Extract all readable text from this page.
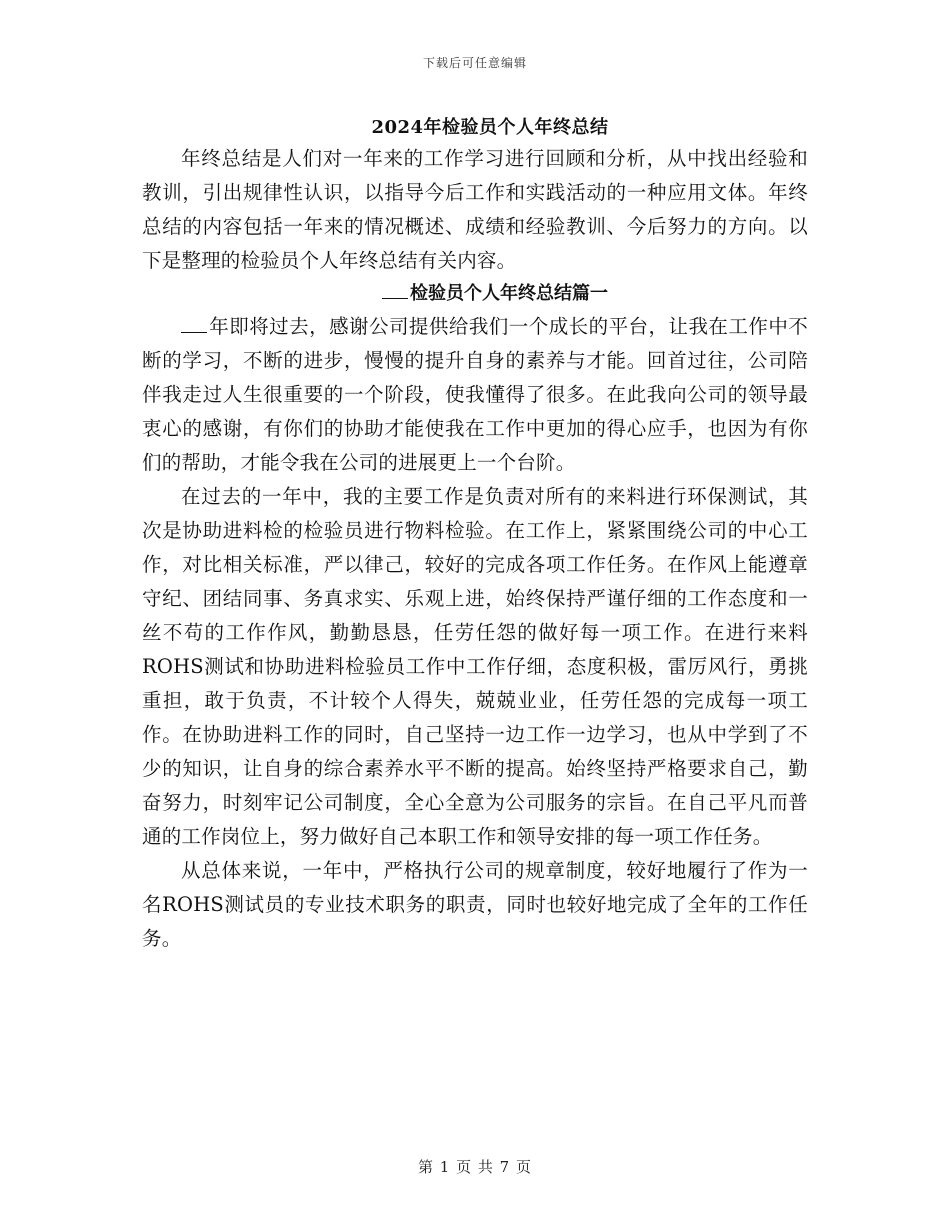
下载后可任意编辑
2024年检验员个人年终总结

年终总结是人们对一年来的工作学习进行回顾和分析，从中找出经验和教训，引出规律性认识，以指导今后工作和实践活动的一种应用文体。年终总结的内容包括一年来的情况概述、成绩和经验教训、今后努力的方向。以下是整理的检验员个人年终总结有关内容。

检验员个人年终总结篇一

年即将过去，感谢公司提供给我们一个成长的平台，让我在工作中不断的学习，不断的进步，慢慢的提升自身的素养与才能。回首过往，公司陪伴我走过人生很重要的一个阶段，使我懂得了很多。在此我向公司的领导最衷心的感谢，有你们的协助才能使我在工作中更加的得心应手，也因为有你们的帮助，才能令我在公司的进展更上一个台阶。

在过去的一年中，我的主要工作是负责对所有的来料进行环保测试，其次是协助进料检的检验员进行物料检验。在工作上，紧紧围绕公司的中心工作，对比相关标准，严以律己，较好的完成各项工作任务。在作风上能遵章守纪、团结同事、务真求实、乐观上进，始终保持严谨仔细的工作态度和一丝不苟的工作作风，勤勤恳恳，任劳任怨的做好每一项工作。在进行来料ROHS测试和协助进料检验员工作中工作仔细，态度积极，雷厉风行，勇挑重担，敢于负责，不计较个人得失，兢兢业业，任劳任怨的完成每一项工作。在协助进料工作的同时，自己坚持一边工作一边学习，也从中学到了不少的知识，让自身的综合素养水平不断的提高。始终坚持严格要求自己，勤奋努力，时刻牢记公司制度，全心全意为公司服务的宗旨。在自己平凡而普通的工作岗位上，努力做好自己本职工作和领导安排的每一项工作任务。

从总体来说，一年中，严格执行公司的规章制度，较好地履行了作为一名ROHS测试员的专业技术职务的职责，同时也较好地完成了全年的工作任务。

第 1 页 共 7 页
